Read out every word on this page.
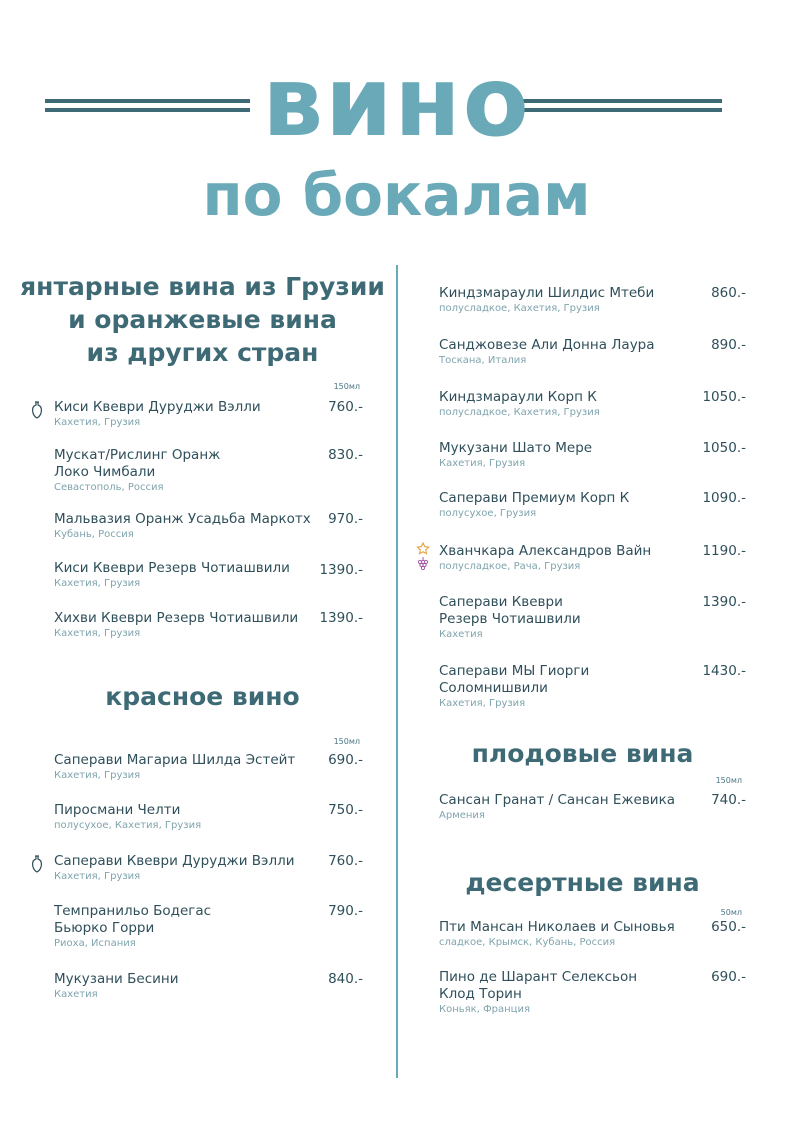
вино
по бокалам
янтарные вина из Грузии
и оранжевые вина
из других стран
150мл
Киси Квеври Дуруджи Вэлли
Кахетия, Грузия
760.-
Мускат/Рислинг Оранж
Локо Чимбали
Севастополь, Россия
830.-
Мальвазия Оранж Усадьба Маркотх
Кубань, Россия
970.-
Киси Квеври Резерв Чотиашвили
Кахетия, Грузия
1390.-
Хихви Квеври Резерв Чотиашвили
Кахетия, Грузия
1390.-
красное вино
150мл
Саперави Магариа Шилда Эстейт
Кахетия, Грузия
690.-
Пиросмани Челти
полусухое, Кахетия, Грузия
750.-
Саперави Квеври Дуруджи Вэлли
Кахетия, Грузия
760.-
Темпранильо Бодегас
Бьюрко Горри
Риоха, Испания
790.-
Мукузани Бесини
Кахетия
840.-
Киндзмараули Шилдис Мтеби
полусладкое, Кахетия, Грузия
860.-
Санджовезе Али Донна Лаура
Тоскана, Италия
890.-
Киндзмараули Корп К
полусладкое, Кахетия, Грузия
1050.-
Мукузани Шато Мере
Кахетия, Грузия
1050.-
Саперави Премиум Корп К
полусухое, Грузия
1090.-
Хванчкара Александров Вайн
полусладкое, Рача, Грузия
1190.-
Саперави Квеври
Резерв Чотиашвили
Кахетия
1390.-
Саперави МЫ Гиорги
Соломнишвили
Кахетия, Грузия
1430.-
плодовые вина
150мл
Сансан Гранат / Сансан Ежевика
Армения
740.-
десертные вина
50мл
Пти Мансан Николаев и Сыновья
сладкое, Крымск, Кубань, Россия
650.-
Пино де Шарант Селексьон
Клод Торин
Коньяк, Франция
690.-
